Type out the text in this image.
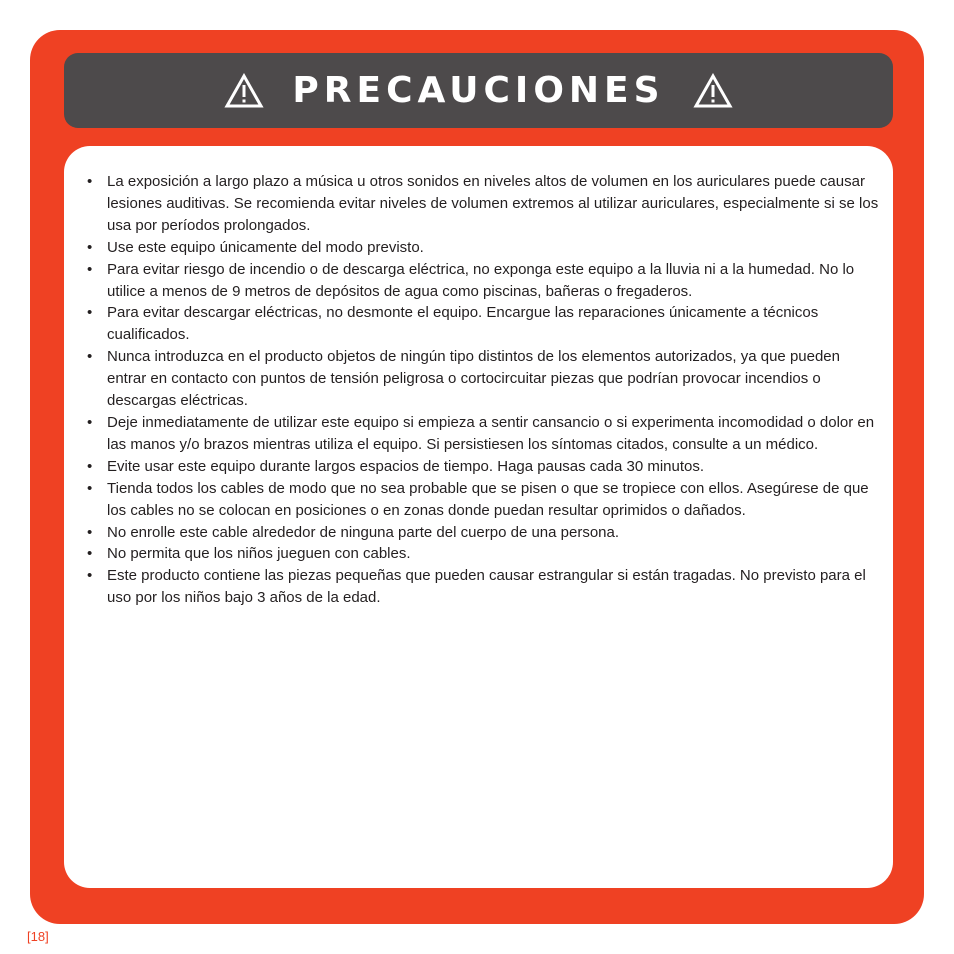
PRECAUCIONES
• La exposición a largo plazo a música u otros sonidos en niveles altos de volumen en los auriculares puede causar lesiones auditivas. Se recomienda evitar niveles de volumen extremos al utilizar auriculares, especialmente si se los usa por períodos prolongados.
• Use este equipo únicamente del modo previsto.
• Para evitar riesgo de incendio o de descarga eléctrica, no exponga este equipo a la lluvia ni a la humedad. No lo utilice a menos de 9 metros de depósitos de agua como piscinas, bañeras o fregaderos.
• Para evitar descargar eléctricas, no desmonte el equipo. Encargue las reparaciones únicamente a técnicos cualificados.
• Nunca introduzca en el producto objetos de ningún tipo distintos de los elementos autorizados, ya que pueden entrar en contacto con puntos de tensión peligrosa o cortocircuitar piezas que podrían provocar incendios o descargas eléctricas.
• Deje inmediatamente de utilizar este equipo si empieza a sentir cansancio o si experimenta incomodidad o dolor en las manos y/o brazos mientras utiliza el equipo. Si persistiesen los síntomas citados, consulte a un médico.
• Evite usar este equipo durante largos espacios de tiempo. Haga pausas cada 30 minutos.
• Tienda todos los cables de modo que no sea probable que se pisen o que se tropiece con ellos. Asegúrese de que los cables no se colocan en posiciones o en zonas donde puedan resultar oprimidos o dañados.
• No enrolle este cable alrededor de ninguna parte del cuerpo de una persona.
• No permita que los niños jueguen con cables.
• Este producto contiene las piezas pequeñas que pueden causar estrangular si están tragadas. No previsto para el uso por los niños bajo 3 años de la edad.
[18]
